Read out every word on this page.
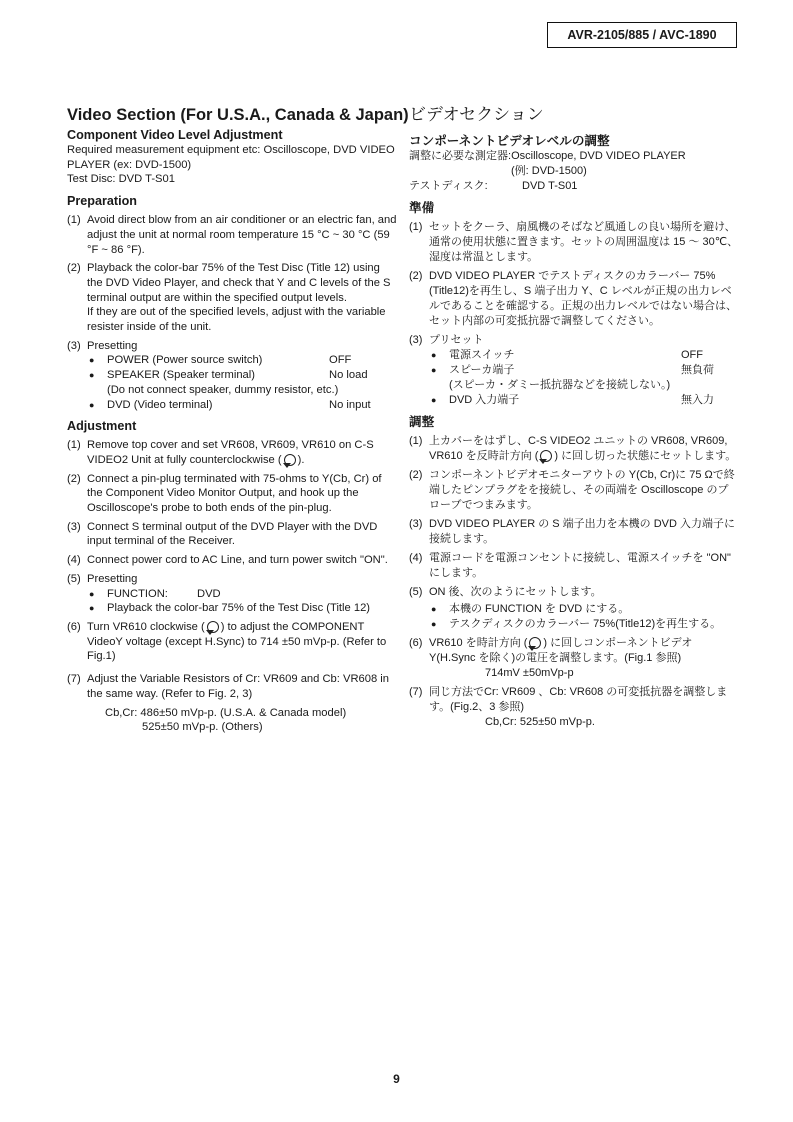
AVR-2105/885 / AVC-1890
Video Section (For U.S.A., Canada & Japan)
Component Video Level Adjustment
Required measurement equipment etc: Oscilloscope, DVD VIDEO PLAYER (ex: DVD-1500)
Test Disc: DVD T-S01
Preparation
(1) Avoid direct blow from an air conditioner or an electric fan, and adjust the unit at normal room temperature 15 °C ~ 30 °C (59 °F ~ 86 °F).
(2) Playback the color-bar 75% of the Test Disc (Title 12) using the DVD Video Player, and check that Y and C levels of the S terminal output are within the specified output levels.
If they are out of the specified levels, adjust with the variable resister inside of the unit.
(3) Presetting
●	POWER (Power source switch)	OFF
●	SPEAKER (Speaker terminal)	No load
(Do not connect speaker, dummy resistor, etc.)
●	DVD (Video terminal)	No input
Adjustment
(1) Remove top cover and set VR608, VR609, VR610 on C-S VIDEO2 Unit at fully counterclockwise ( ).
(2) Connect a pin-plug terminated with 75-ohms to Y(Cb, Cr) of the Component Video Monitor Output, and hook up the Oscilloscope's probe to both ends of the pin-plug.
(3) Connect S terminal output of the DVD Player with the DVD input terminal of the Receiver.
(4) Connect power cord to AC Line, and turn power switch "ON".
(5) Presetting
●	FUNCTION:	DVD
●	Playback the color-bar 75% of the Test Disc (Title 12)
(6) Turn VR610 clockwise ( ) to adjust the COMPONENT VideoY voltage (except H.Sync) to 714 ±50 mVp-p. (Refer to Fig.1)
(7) Adjust the Variable Resistors of Cr: VR609 and Cb: VR608 in the same way. (Refer to Fig. 2, 3)
Cb,Cr: 486±50 mVp-p. (U.S.A. & Canada model)
525±50 mVp-p. (Others)
ビデオセクション
コンポーネントビデオレベルの調整
調整に必要な測定器:Oscilloscope, DVD VIDEO PLAYER
(例: DVD-1500)
テストディスク:	DVD T-S01
準備
(1) セットをクーラ、扇風機のそばなど風通しの良い場所を避け、通常の使用状態に置きます。セットの周囲温度は 15 ～ 30℃、湿度は常温とします。
(2) DVD VIDEO PLAYER でテストディスクのカラーバー 75%(Title12)を再生し、S 端子出力 Y、C レベルが正規の出力レベルであることを確認する。正規の出力レベルではない場合は、セット内部の可変抵抗器で調整してください。
(3) プリセット
●	電源スイッチ	OFF
●	スピーカ端子	無負荷
(スピーカ・ダミー抵抗器などを接続しない。)
●	DVD 入力端子	無入力
調整
(1) 上カバーをはずし、C-S VIDEO2 ユニットの VR608, VR609, VR610 を反時計方向 ( ) に回し切った状態にセットします。
(2) コンポーネントビデオモニターアウトの Y(Cb, Cr)に 75 Ωで終端したピンプラグをを接続し、その両端を Oscilloscope のプローブでつまみます。
(3) DVD VIDEO PLAYER の S 端子出力を本機の DVD 入力端子に接続します。
(4) 電源コードを電源コンセントに接続し、電源スイッチを "ON" にします。
(5) ON 後、次のようにセットします。
●	本機の FUNCTION を DVD にする。
●	テスクディスクのカラーバー 75%(Title12)を再生する。
(6) VR610 を時計方向 ( ) に回しコンポーネントビデオ Y(H.Sync を除く)の電圧を調整します。(Fig.1 参照)
714mV ±50mVp-p
(7) 同じ方法でCr: VR609 、Cb: VR608 の可変抵抗器を調整します。(Fig.2、3 参照)
Cb,Cr: 525±50 mVp-p.
9
